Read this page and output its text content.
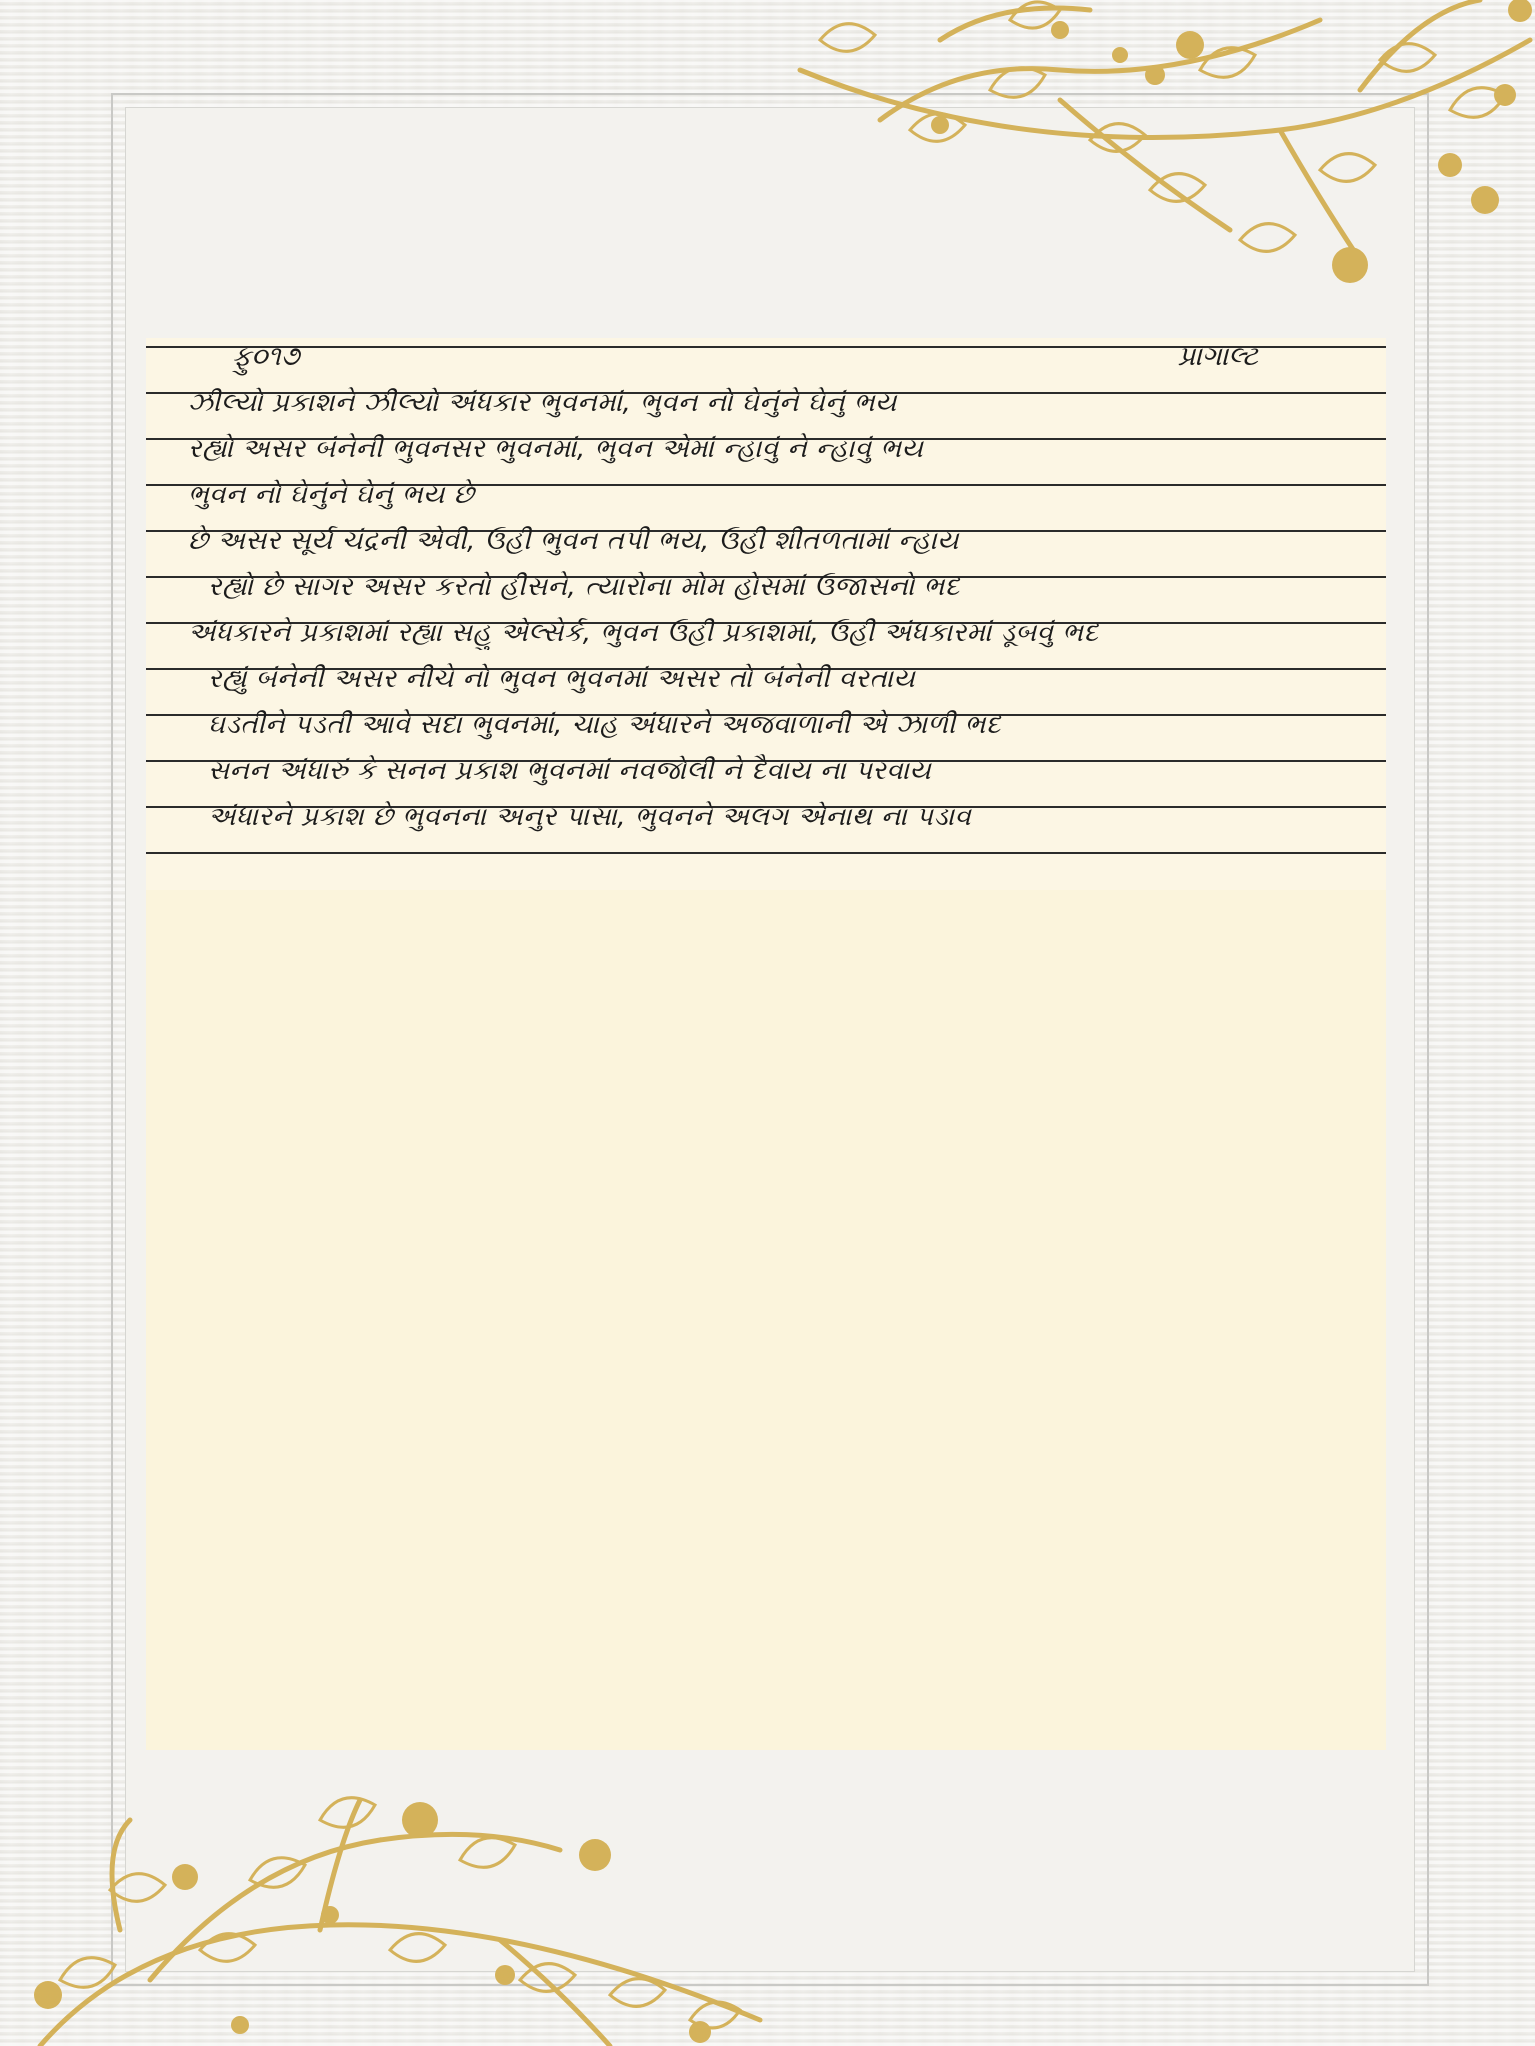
ફુ૦૧૭	પ્રાગાલ્ટ
ઝીલ્યો પ્રકાશને ઝીલ્યો અંધકાર ભુવનમાં, ભુવન નો ઘેનુંને ઘેનું ભય
રહ્યો અસર બંનેની ભુવનસર ભુવનમાં, ભુવન એમાં ન્હાવું ને ન્હાવું ભય
ભુવન નો ઘેનુંને ઘેનું ભય છે
છે અસર સૂર્ય ચંદ્રની એવી, ઉહી ભુવન તપી ભય, ઉહી શીતળતામાં ન્હાય
રહ્યો છે સાગર અસર કરતો હીસને, ત્યારોના મોમ હોસમાં ઉજાસનો ભદ
અંધકારને પ્રકાશમાં રહ્યા સહુ એલ્સેર્ક, ભુવન ઉહી પ્રકાશમાં, ઉહી અંધકારમાં ડૂબવું ભદ
રહ્યું બંનેની અસર નીચે નો ભુવન ભુવનમાં અસર તો બંનેની વરતાય
ઘડતીને પડતી આવે સદા ભુવનમાં, ચાહ અંધારને અજવાળાની એ ઝાળી ભદ
સનન અંધારું કે સનન પ્રકાશ ભુવનમાં નવજોલી ને દૈવાય ના પરવાય
અંધારને પ્રકાશ છે ભુવનના અનુર પાસા, ભુવનને અલગ એનાથ ના પડાવ
